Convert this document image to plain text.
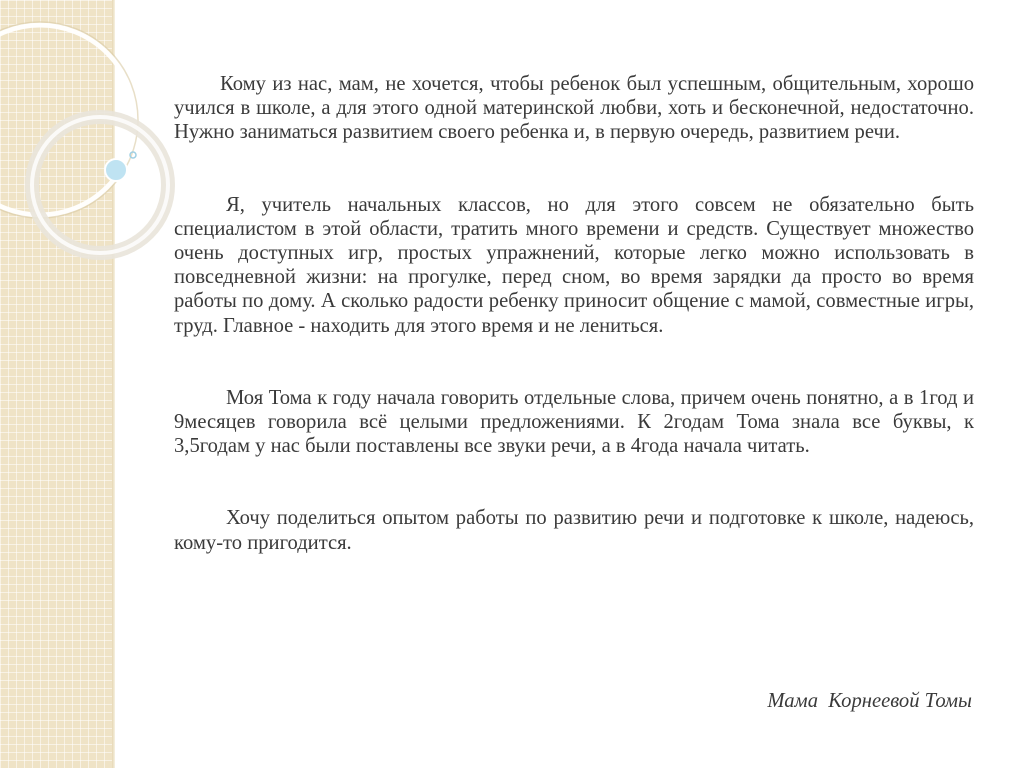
Кому из нас, мам, не хочется, чтобы ребенок был успешным, общительным, хорошо учился в школе, а для этого одной материнской любви, хоть и бесконечной, недостаточно. Нужно заниматься развитием своего ребенка и, в первую очередь, развитием речи.

Я, учитель начальных классов, но для этого совсем не обязательно быть специалистом в этой области, тратить много времени и средств. Существует множество очень доступных игр, простых упражнений, которые легко можно использовать в повседневной жизни: на прогулке, перед сном, во время зарядки да просто во время работы по дому. А сколько радости ребенку приносит общение с мамой, совместные игры, труд. Главное - находить для этого время и не лениться.

Моя Тома к году начала говорить отдельные слова, причем очень понятно, а в 1год и 9месяцев говорила всё целыми предложениями. К 2годам Тома знала все буквы, к 3,5годам у нас были поставлены все звуки речи, а в 4года начала читать.

Хочу поделиться опытом работы по развитию речи и подготовке к школе, надеюсь, кому-то пригодится.

Мама  Корнеевой Томы
